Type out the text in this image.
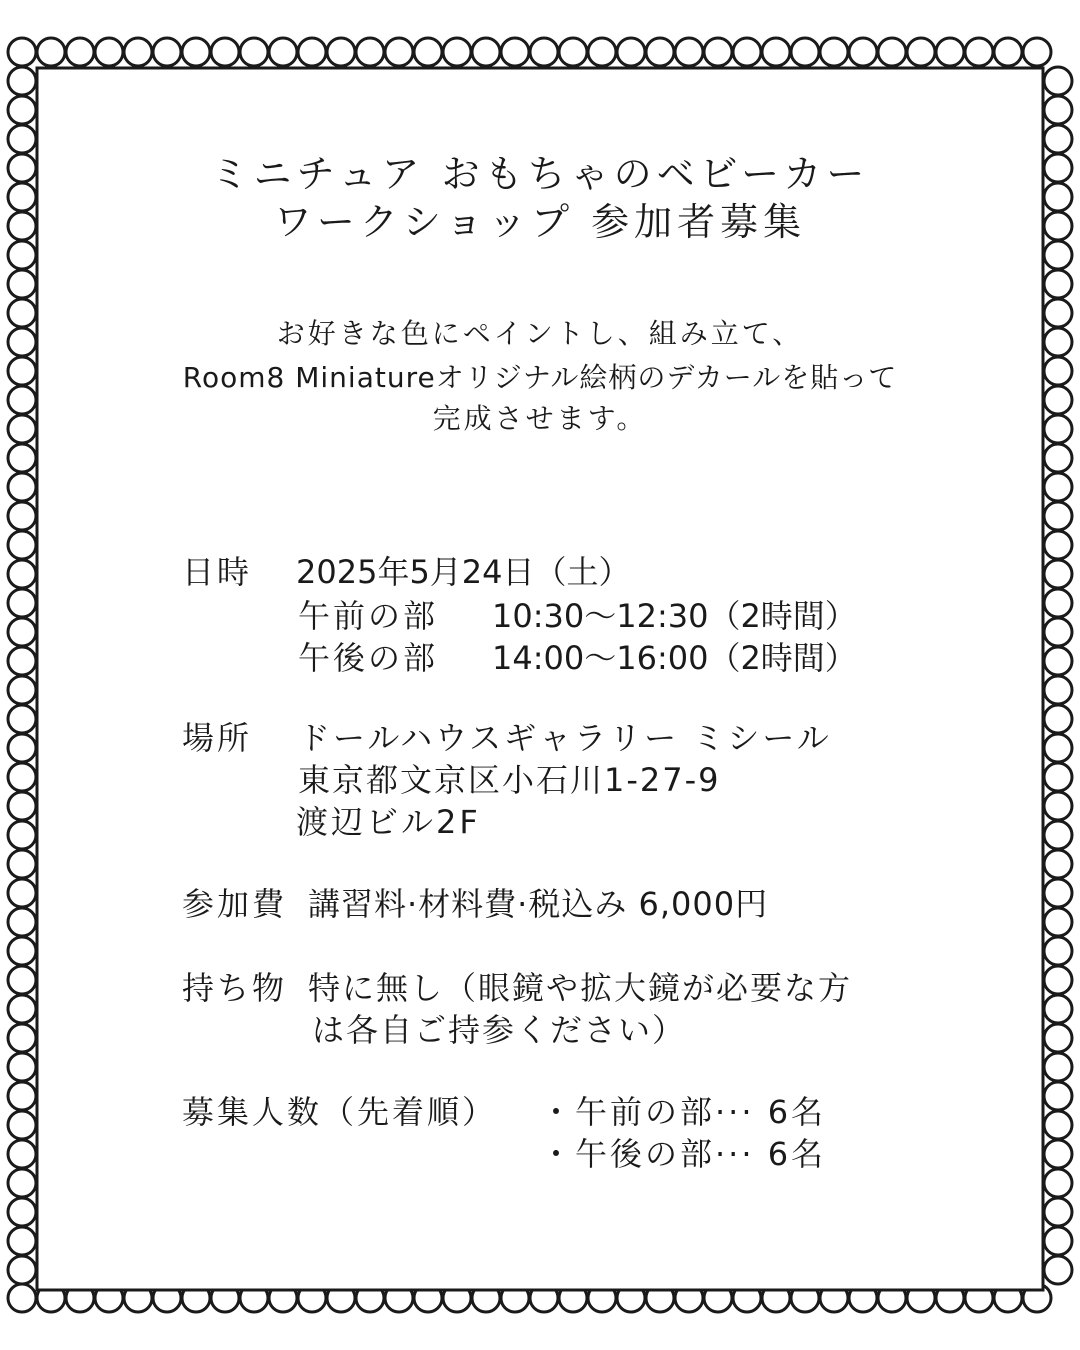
ミニチュア おもちゃのベビーカー
ワークショップ 参加者募集
お好きな色にペイントし、組み立て、
Room8 Miniatureオリジナル絵柄のデカールを貼って
完成させます。
日時 2025年5月24日（土）
午前の部 10:30〜12:30（2時間）
午後の部 14:00〜16:00（2時間）
場所 ドールハウスギャラリー ミシール
東京都文京区小石川1-27-9
渡辺ビル2F
参加費 講習料·材料費·税込み 6,000円
持ち物 特に無し（眼鏡や拡大鏡が必要な方
は各自ご持参ください）
募集人数（先着順） ・午前の部··· 6名
・午後の部··· 6名
